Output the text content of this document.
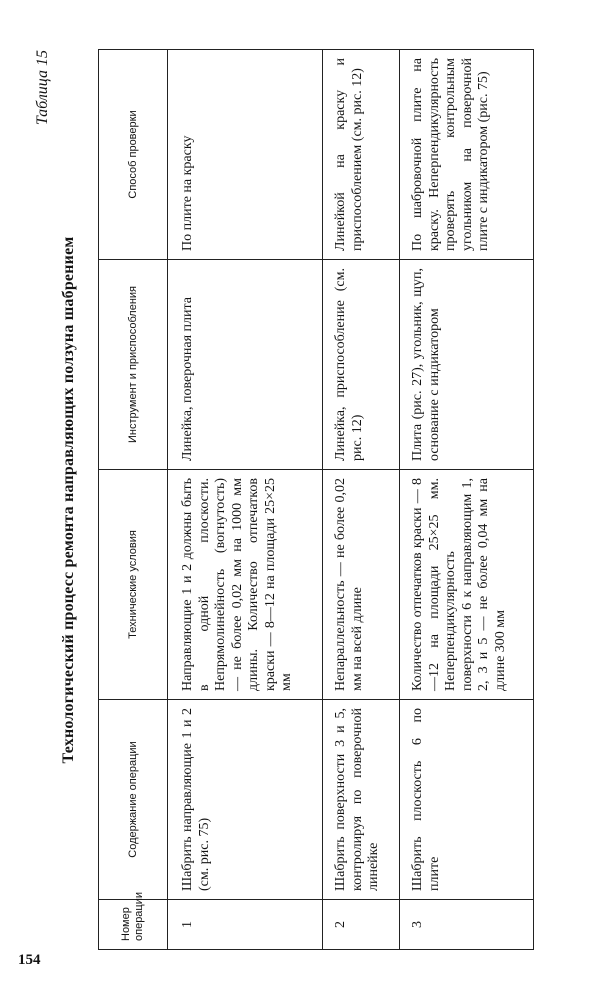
154
Таблица 15
Технологический процесс ремонта направляющих ползуна шабрением
Номер операции	Содержание операции	Технические условия	Инструмент и приспособления	Способ проверки
1	Шабрить направляющие 1 и 2 (см. рис. 75)	Направляющие 1 и 2 должны быть в одной плоскости. Непрямолинейность (вогнутость) — не более 0,02 мм на 1000 мм длины. Количество отпечатков краски — 8—12 на площади 25×25 мм	Линейка, поверочная плита	По плите на краску
2	Шабрить поверхности 3 и 5, контролируя по поверочной линейке	Непараллельность — не более 0,02 мм на всей длине	Линейка, приспособление (см. рис. 12)	Линейкой на краску и приспособлением (см. рис. 12)
3	Шабрить плоскость 6 по плите	Количество отпечатков краски — 8—12 на площади 25×25 мм. Неперпендикулярность поверхности 6 к направляющим 1, 2, 3 и 5 — не более 0,04 мм на длине 300 мм	Плита (рис. 27), угольник, щуп, основание с индикатором	По шабровочной плите на краску. Неперпендикулярность проверять контрольным угольником на поверочной плите с индикатором (рис. 75)
